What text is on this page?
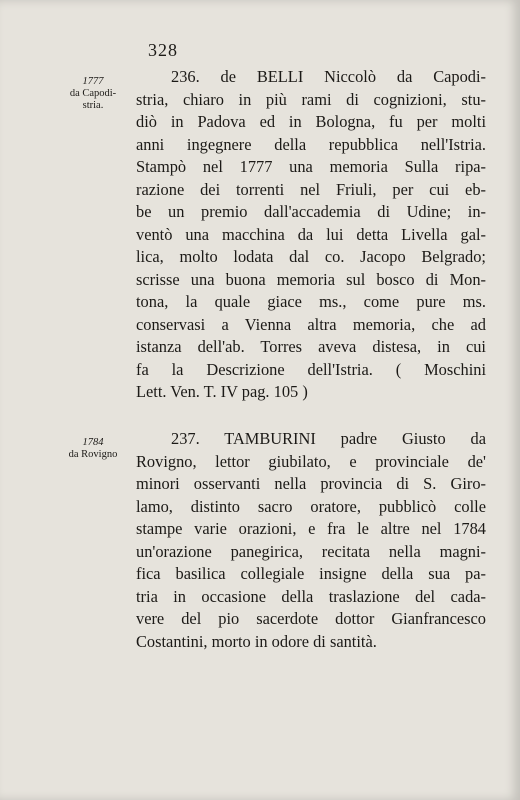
328
1777
da Capodi-
stria.
236. de BELLI Niccolò da Capodi-
stria, chiaro in più rami di cognizioni, stu-
diò in Padova ed in Bologna, fu per molti
anni ingegnere della repubblica nell'Istria.
Stampò nel 1777 una memoria Sulla ripa-
razione dei torrenti nel Friuli, per cui eb-
be un premio dall'accademia di Udine; in-
ventò una macchina da lui detta Livella gal-
lica, molto lodata dal co. Jacopo Belgrado;
scrisse una buona memoria sul bosco di Mon-
tona, la quale giace ms., come pure ms.
conservasi a Vienna altra memoria, che ad
istanza dell'ab. Torres aveva distesa, in cui
fa la Descrizione dell'Istria. ( Moschini
Lett. Ven. T. IV pag. 105 )
1784
da Rovigno
237. TAMBURINI padre Giusto da
Rovigno, lettor giubilato, e provinciale de'
minori osservanti nella provincia di S. Giro-
lamo, distinto sacro oratore, pubblicò colle
stampe varie orazioni, e fra le altre nel 1784
un'orazione panegirica, recitata nella magni-
fica basilica collegiale insigne della sua pa-
tria in occasione della traslazione del cada-
vere del pio sacerdote dottor Gianfrancesco
Costantini, morto in odore di santità.
